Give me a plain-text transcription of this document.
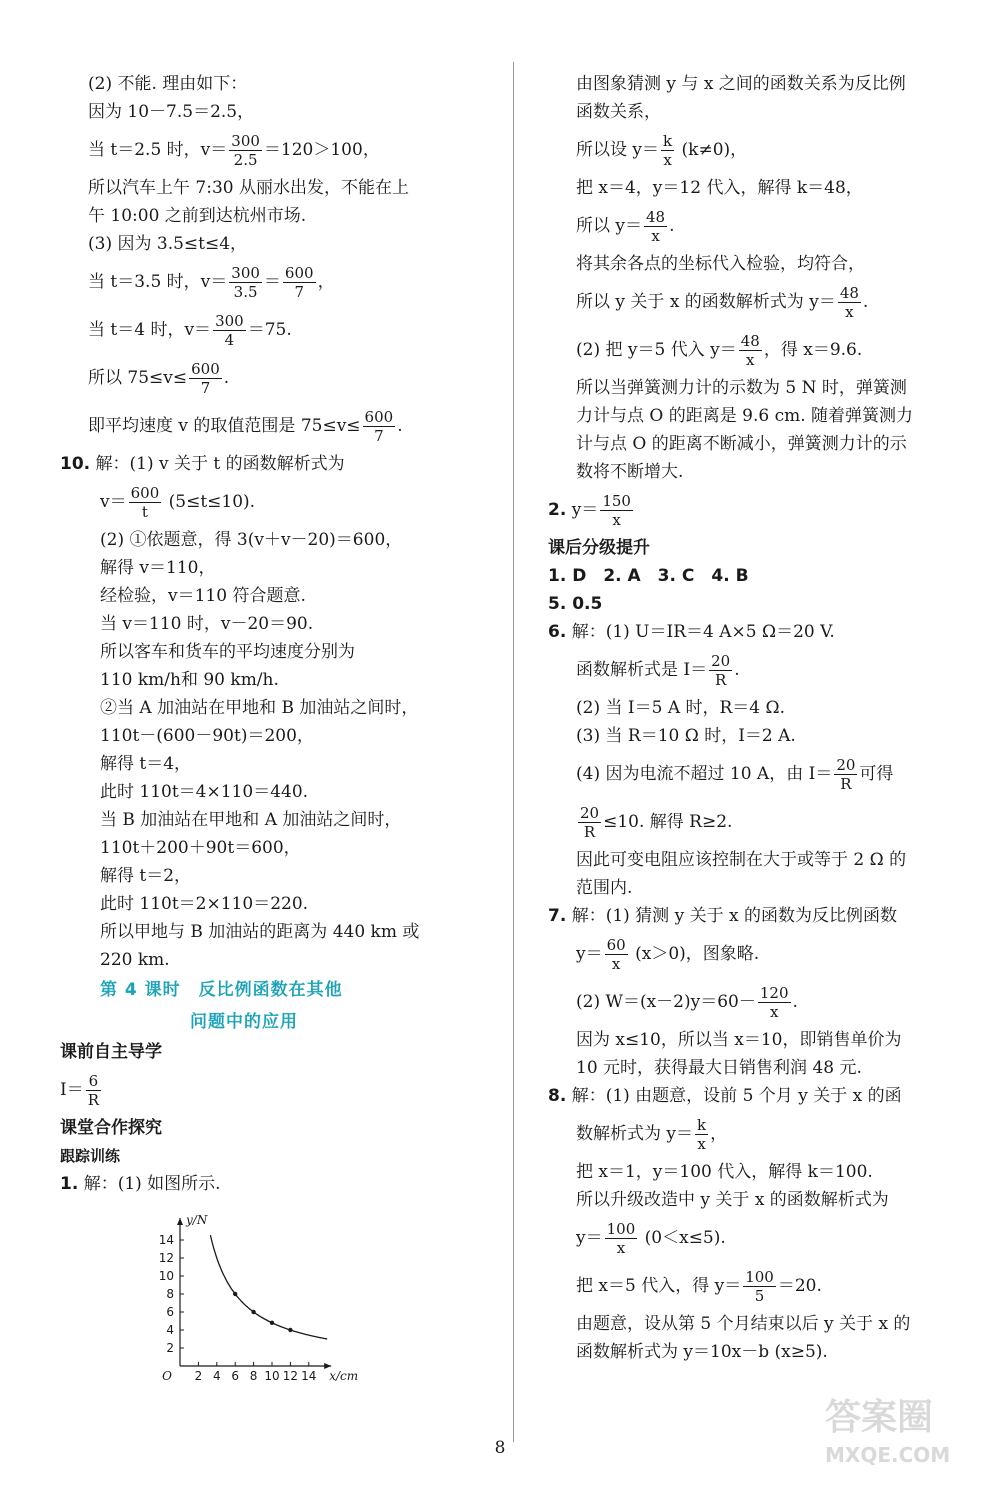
(2) 不能. 理由如下：
因为 10－7.5＝2.5，
当 t＝2.5 时，$v= \frac{300}{2.5} =120>100$，
所以汽车上午 7:30 从丽水出发，不能在上
午 10:00 之前到达杭州市场.
(3) 因为 3.5≤t≤4，
当 t＝3.5 时，$v= \frac{300}{3.5} = \frac{600}{7}$ ，
当 t＝4 时，$v= \frac{300}{4} =75$.
所以 $75\le v\le \frac{600}{7}$ .
即平均速度 v 的取值范围是 $75\le v\le \frac{600}{7}$ .
10. 解：(1) v 关于 t 的函数解析式为
$v= \frac{600}{t} (5\le t\le 10)$.
(2) ①依题意，得 3(v＋v－20)＝600，
解得 v＝110，
经检验，v＝110 符合题意.
当 v＝110 时，v－20＝90.
所以客车和货车的平均速度分别为
110 km/h和 90 km/h.
②当 A 加油站在甲地和 B 加油站之间时，
110t－(600－90t)＝200，
解得 t＝4，
此时 110t＝4×110＝440.
当 B 加油站在甲地和 A 加油站之间时，
110t＋200＋90t＝600，
解得 t＝2，
此时 110t＝2×110＝220.
所以甲地与 B 加油站的距离为 440 km 或
220 km.
第 4 课时　反比例函数在其他
问题中的应用
课前自主导学
$I= \frac{6}{R}$
课堂合作探究
跟踪训练
1. 解：(1) 如图所示.
2 4 6 8 10 12 14
2
4
6
8
10
12
14
O	x/cm
y/N
由图象猜测 y 与 x 之间的函数关系为反比例
函数关系，
所以设 $y= \frac{k}{x} (k\ne 0)$，
把 x＝4，y＝12 代入，解得 k＝48，
所以 $y= \frac{48}{x}$ .
将其余各点的坐标代入检验，均符合，
所以 y 关于 x 的函数解析式为 $y= \frac{48}{x}$ .
(2) 把 y＝5 代入 $y= \frac{48}{x}$ ，得 x＝9.6.
所以当弹簧测力计的示数为 5 N 时，弹簧测
力计与点 O 的距离是 9.6 cm. 随着弹簧测力
计与点 O 的距离不断减小，弹簧测力计的示
数将不断增大.
2. $y= \frac{150}{x}$
课后分级提升
1. D　2. A　3. C　4. B
5. 0.5
6. 解：(1) U＝IR＝4 A×5 Ω＝20 V.
函数解析式是 $I= \frac{20}{R}$ .
(2) 当 I＝5 A 时，R＝4 Ω.
(3) 当 R＝10 Ω 时，I＝2 A.
(4) 因为电流不超过 10 A，由 $I= \frac{20}{R}$ 可得
$\frac{20}{R} \le 10$. 解得 R≥2.
因此可变电阻应该控制在大于或等于 2 Ω 的
范围内.
7. 解：(1) 猜测 y 关于 x 的函数为反比例函数
$y= \frac{60}{x} (x>0)$，图象略.
(2) $W=(x-2)y=60- \frac{120}{x}$ .
因为 x≤10，所以当 x＝10，即销售单价为
10 元时，获得最大日销售利润 48 元.
8. 解：(1) 由题意，设前 5 个月 y 关于 x 的函
数解析式为 $y= \frac{k}{x}$ ，
把 x＝1，y＝100 代入，解得 k＝100.
所以升级改造中 y 关于 x 的函数解析式为
$y= \frac{100}{x} (0<x\le 5)$.
把 x＝5 代入，得 $y= \frac{100}{5} =20$.
由题意，设从第 5 个月结束以后 y 关于 x 的
函数解析式为 y＝10x－b (x≥5).
8
答案圈
MXQE.COM
